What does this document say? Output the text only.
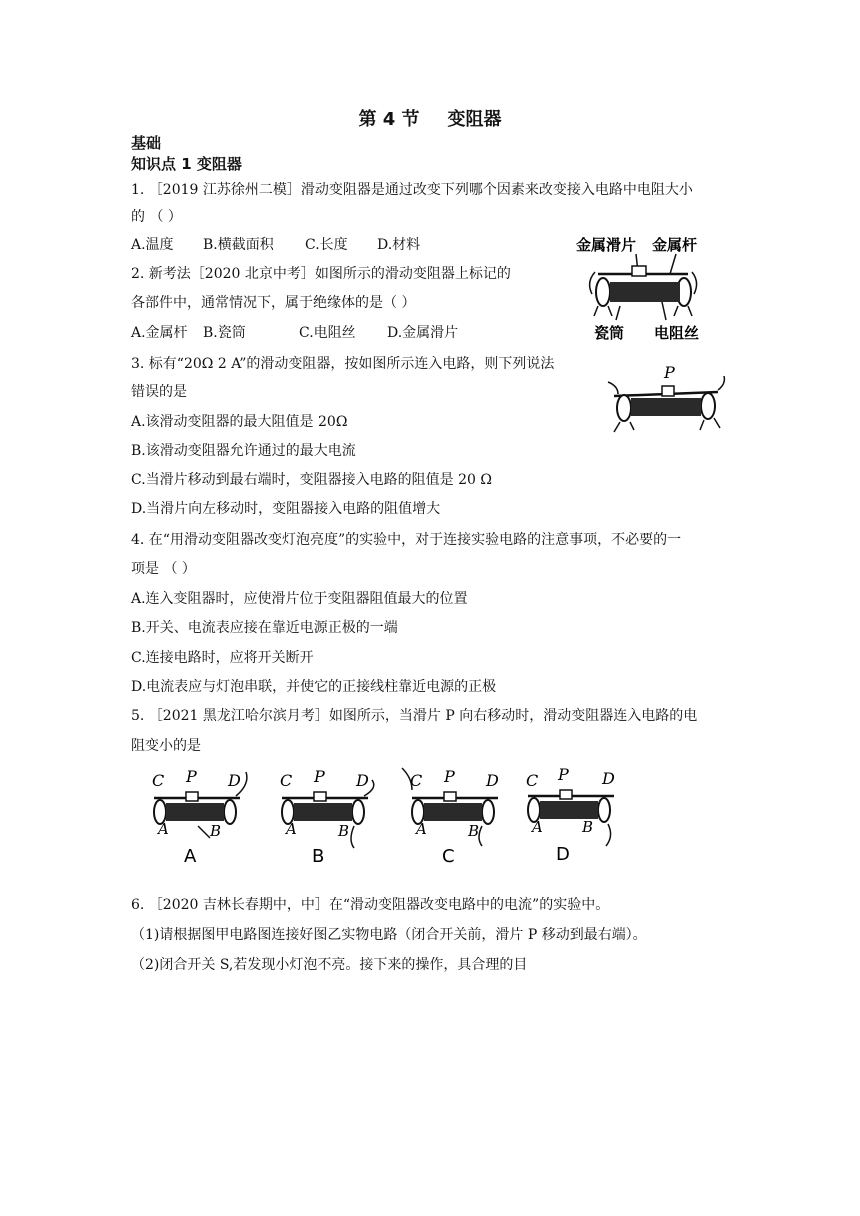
第 4 节 变阻器
基础
知识点 1 变阻器
1. ［2019 江苏徐州二模］滑动变阻器是通过改变下列哪个因素来改变接入电路中电阻大小
的 （ ）
A.温度 B.横截面积 C.长度 D.材料
2. 新考法［2020 北京中考］如图所示的滑动变阻器上标记的
各部件中，通常情况下，属于绝缘体的是（ ）
A.金属杆 B.瓷筒	C.电阻丝 D.金属滑片
金属滑片 金属杆
瓷筒 电阻丝
3. 标有“20Ω 2 A”的滑动变阻器，按如图所示连入电路，则下列说法
错误的是
A.该滑动变阻器的最大阻值是 20Ω
B.该滑动变阻器允许通过的最大电流
C.当滑片移动到最右端时，变阻器接入电路的阻值是 20 Ω
D.当滑片向左移动时，变阻器接入电路的阻值增大
P
4. 在“用滑动变阻器改变灯泡亮度”的实验中，对于连接实验电路的注意事项，不必要的一
项是 （ ）
A.连入变阻器时，应使滑片位于变阻器阻值最大的位置
B.开关、电流表应接在靠近电源正极的一端
C.连接电路时，应将开关断开
D.电流表应与灯泡串联，并使它的正接线柱靠近电源的正极
5. ［2021 黑龙江哈尔滨月考］如图所示，当滑片 P 向右移动时，滑动变阻器连入电路的电
阻变小的是
C P D
A	B
A
C P D
A	B
B
C P D
A	B
C
C P D
A	B
D
6. ［2020 吉林长春期中，中］在“滑动变阻器改变电路中的电流”的实验中。
（1)请根据图甲电路图连接好图乙实物电路（闭合开关前，滑片 P 移动到最右端）。
（2)闭合开关 S,若发现小灯泡不亮。接下来的操作，具合理的目
